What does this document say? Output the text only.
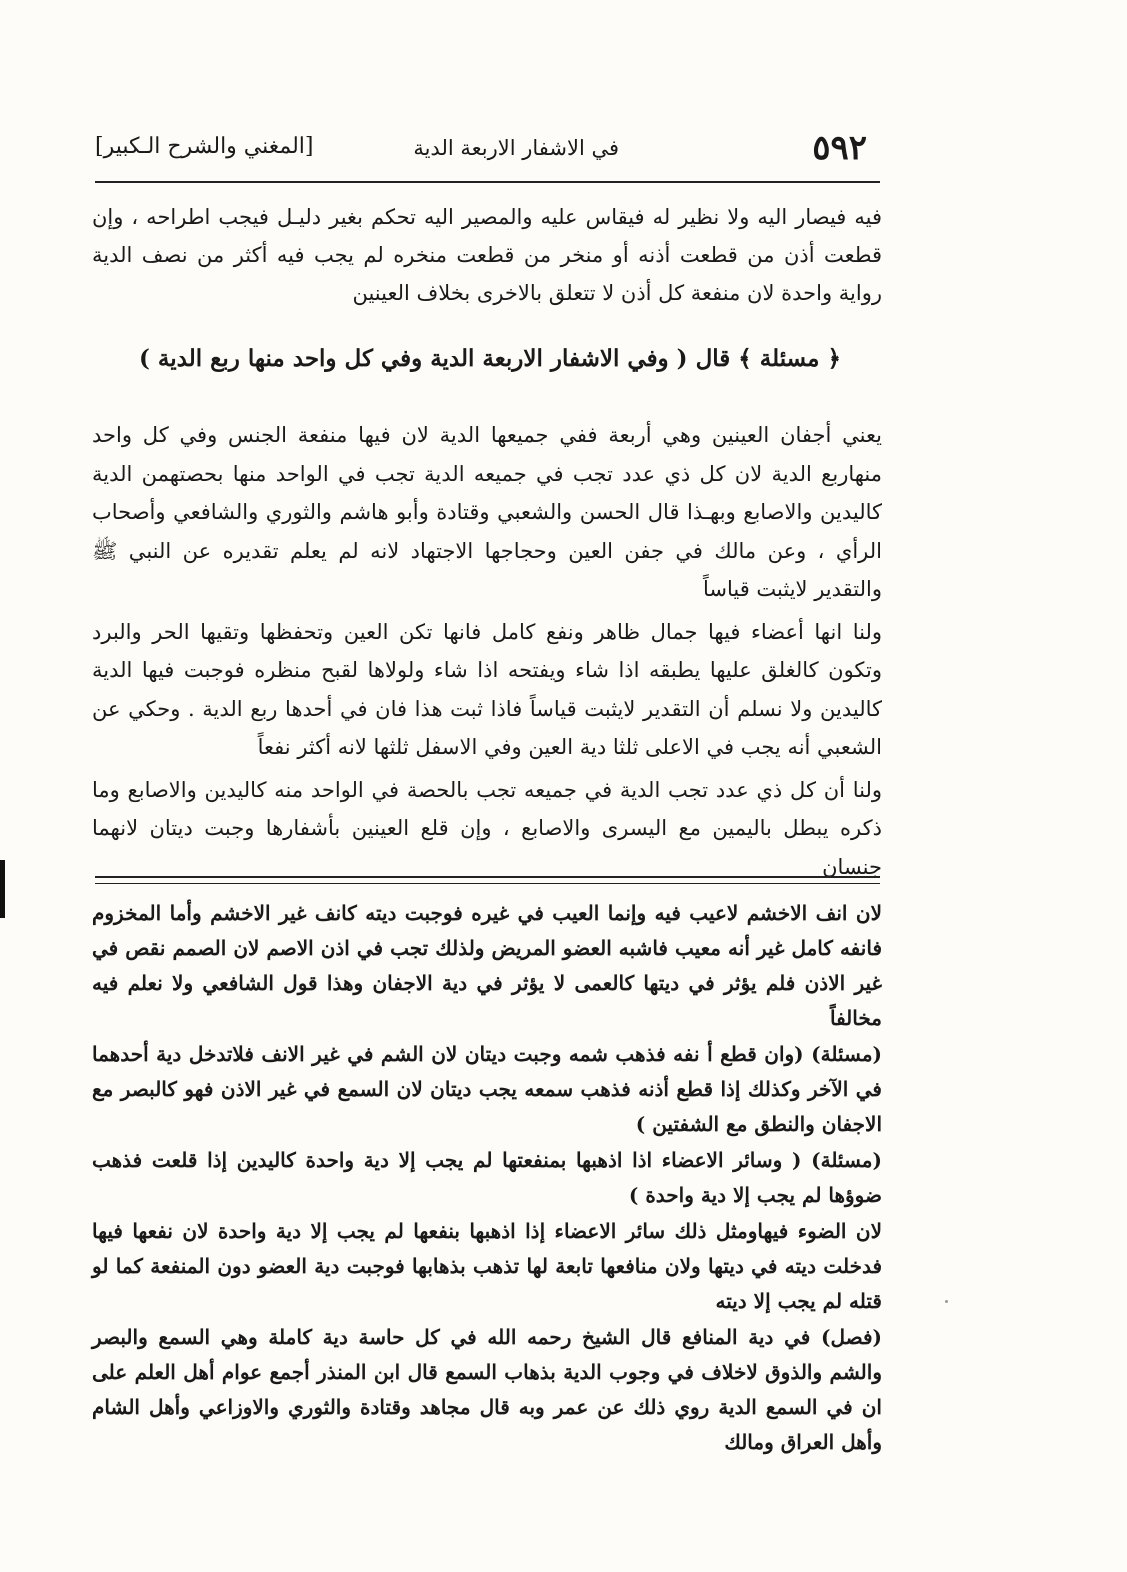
٥٩٢
في الاشفار الاربعة الدية
[المغني والشرح الـكبير]
فيه فيصار اليه ولا نظير له فيقاس عليه والمصير اليه تحكم بغير دليـل فيجب اطراحه ، وإن قطعت أذن من قطعت أذنه أو منخر من قطعت منخره لم يجب فيه أكثر من نصف الدية رواية واحدة لان منفعة كل أذن لا تتعلق بالاخرى بخلاف العينين
﴿ مسئلة ﴾ قال ( وفي الاشفار الاربعة الدية وفي كل واحد منها ربع الدية )

يعني أجفان العينين وهي أربعة ففي جميعها الدية لان فيها منفعة الجنس وفي كل واحد منهاربع الدية لان كل ذي عدد تجب في جميعه الدية تجب في الواحد منها بحصتهمن الدية كاليدين والاصابع وبهـذا قال الحسن والشعبي وقتادة وأبو هاشم والثوري والشافعي وأصحاب الرأي ، وعن مالك في جفن العين وحجاجها الاجتهاد لانه لم يعلم تقديره عن النبي ﷺ والتقدير لايثبت قياساً

ولنا انها أعضاء فيها جمال ظاهر ونفع كامل فانها تكن العين وتحفظها وتقيها الحر والبرد وتكون كالغلق عليها يطبقه اذا شاء ويفتحه اذا شاء ولولاها لقبح منظره فوجبت فيها الدية كاليدين ولا نسلم أن التقدير لايثبت قياساً فاذا ثبت هذا فان في أحدها ربع الدية . وحكي عن الشعبي أنه يجب في الاعلى ثلثا دية العين وفي الاسفل ثلثها لانه أكثر نفعاً

ولنا أن كل ذي عدد تجب الدية في جميعه تجب بالحصة في الواحد منه كاليدين والاصابع وما ذكره يبطل باليمين مع اليسرى والاصابع ، وإن قلع العينين بأشفارها وجبت ديتان لانهما جنسان

لان انف الاخشم لاعيب فيه وإنما العيب في غيره فوجبت ديته كانف غير الاخشم وأما المخزوم فانفه كامل غير أنه معيب فاشبه العضو المريض ولذلك تجب في اذن الاصم لان الصمم نقص في غير الاذن فلم يؤثر في ديتها كالعمى لا يؤثر في دية الاجفان وهذا قول الشافعي ولا نعلم فيه مخالفاً

(مسئلة) (وان قطع أ نفه فذهب شمه وجبت ديتان لان الشم في غير الانف فلاتدخل دية أحدهما في الآخر وكذلك إذا قطع أذنه فذهب سمعه يجب ديتان لان السمع في غير الاذن فهو كالبصر مع الاجفان والنطق مع الشفتين )

(مسئلة) ( وسائر الاعضاء اذا اذهبها بمنفعتها لم يجب إلا دية واحدة كاليدين إذا قلعت فذهب ضوؤها لم يجب إلا دية واحدة )

لان الضوء فيهاومثل ذلك سائر الاعضاء إذا اذهبها بنفعها لم يجب إلا دية واحدة لان نفعها فيها فدخلت ديته في ديتها ولان منافعها تابعة لها تذهب بذهابها فوجبت دية العضو دون المنفعة كما لو قتله لم يجب إلا ديته

(فصل) في دية المنافع قال الشيخ رحمه الله في كل حاسة دية كاملة وهي السمع والبصر والشم والذوق لاخلاف في وجوب الدية بذهاب السمع قال ابن المنذر أجمع عوام أهل العلم على ان في السمع الدية روي ذلك عن عمر وبه قال مجاهد وقتادة والثوري والاوزاعي وأهل الشام وأهل العراق ومالك
